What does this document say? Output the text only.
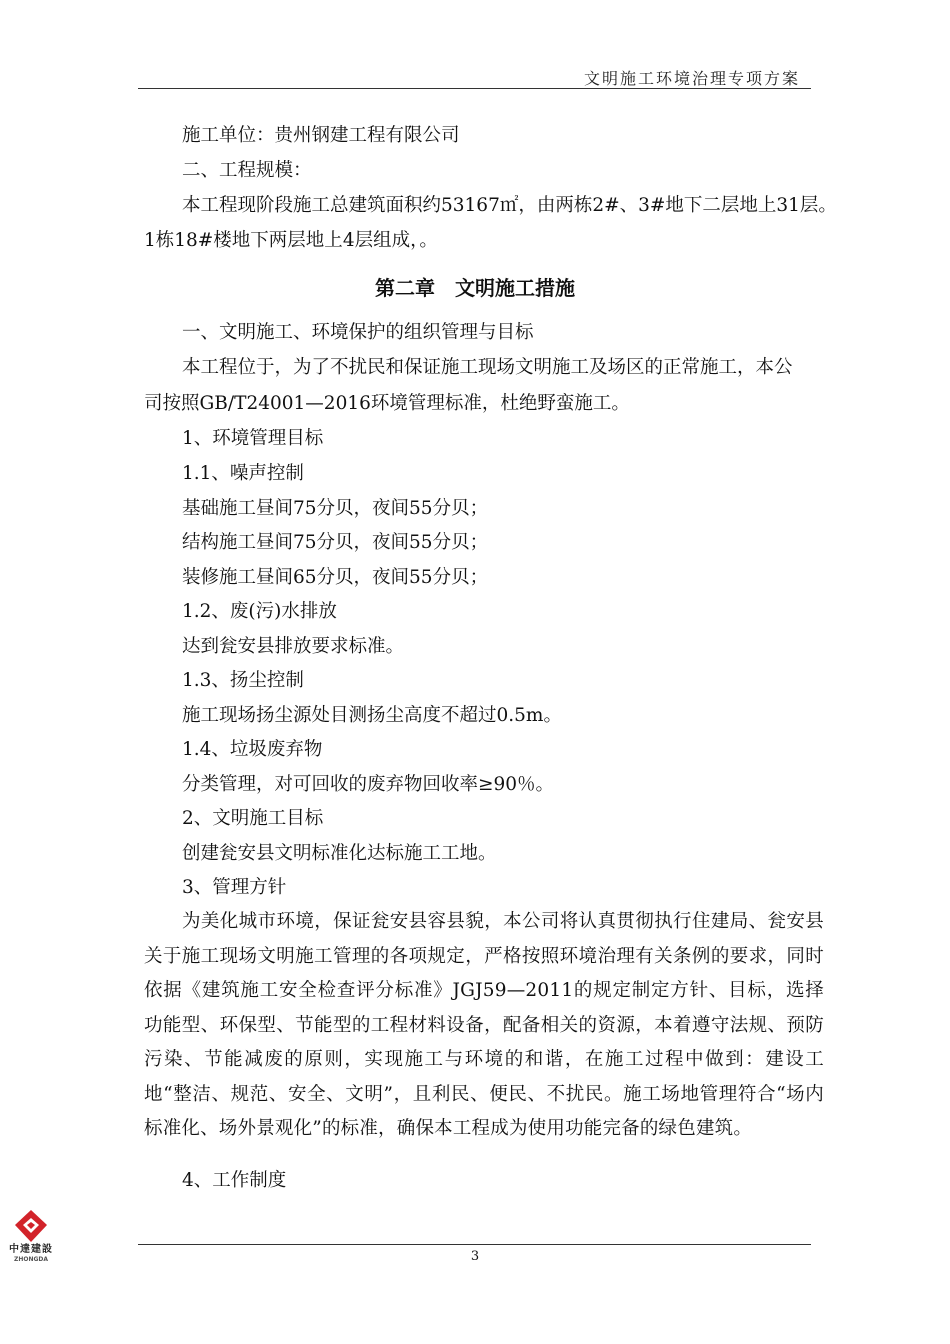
文明施工环境治理专项方案

施工单位：贵州钢建工程有限公司

二、工程规模：

本工程现阶段施工总建筑面积约53167㎡，由两栋2#、3#地下二层地上31层。

1栋18#楼地下两层地上4层组成，。

第二章　文明施工措施

一、文明施工、环境保护的组织管理与目标

本工程位于，为了不扰民和保证施工现场文明施工及场区的正常施工，本公

司按照GB/T24001—2016环境管理标准，杜绝野蛮施工。

1、环境管理目标

1.1、噪声控制

基础施工昼间75分贝，夜间55分贝；

结构施工昼间75分贝，夜间55分贝；

装修施工昼间65分贝，夜间55分贝；

1.2、废(污)水排放

达到瓮安县排放要求标准。

1.3、扬尘控制

施工现场扬尘源处目测扬尘高度不超过0.5m。

1.4、垃圾废弃物

分类管理，对可回收的废弃物回收率≥90％。

2、文明施工目标

创建瓮安县文明标准化达标施工工地。

3、管理方针

为美化城市环境，保证瓮安县容县貌，本公司将认真贯彻执行住建局、瓮安县关于施工现场文明施工管理的各项规定，严格按照环境治理有关条例的要求，同时依据《建筑施工安全检查评分标准》JGJ59—2011的规定制定方针、目标，选择功能型、环保型、节能型的工程材料设备，配备相关的资源，本着遵守法规、预防污染、节能减废的原则，实现施工与环境的和谐，在施工过程中做到：建设工地“整洁、规范、安全、文明”，且利民、便民、不扰民。施工场地管理符合“场内标准化、场外景观化”的标准，确保本工程成为使用功能完备的绿色建筑。

4、工作制度

3
中達建設
ZHONGDA
